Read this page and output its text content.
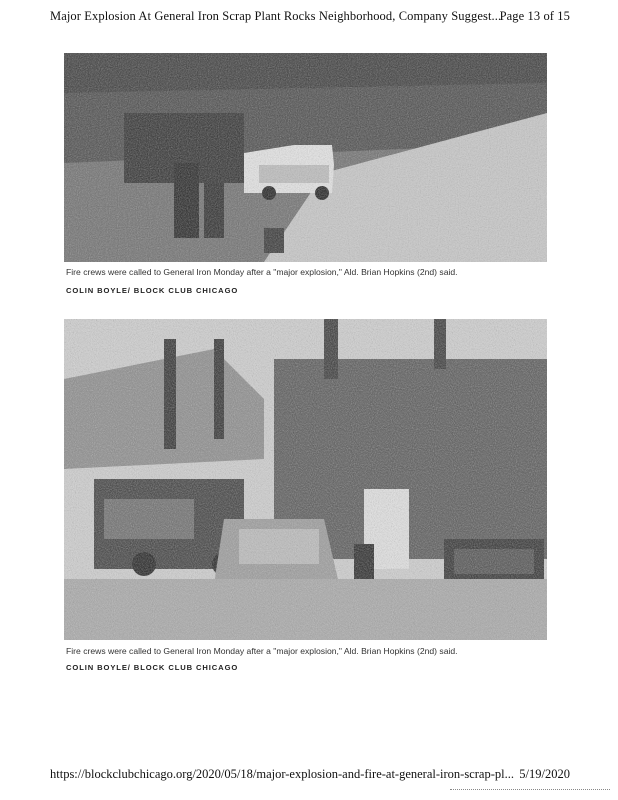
Major Explosion At General Iron Scrap Plant Rocks Neighborhood, Company Suggest...
Page 13 of 15
Fire crews were called to General Iron Monday after a "major explosion," Ald. Brian Hopkins (2nd) said.
COLIN BOYLE/ BLOCK CLUB CHICAGO
Fire crews were called to General Iron Monday after a "major explosion," Ald. Brian Hopkins (2nd) said.
COLIN BOYLE/ BLOCK CLUB CHICAGO
https://blockclubchicago.org/2020/05/18/major-explosion-and-fire-at-general-iron-scrap-pl... 5/19/2020
